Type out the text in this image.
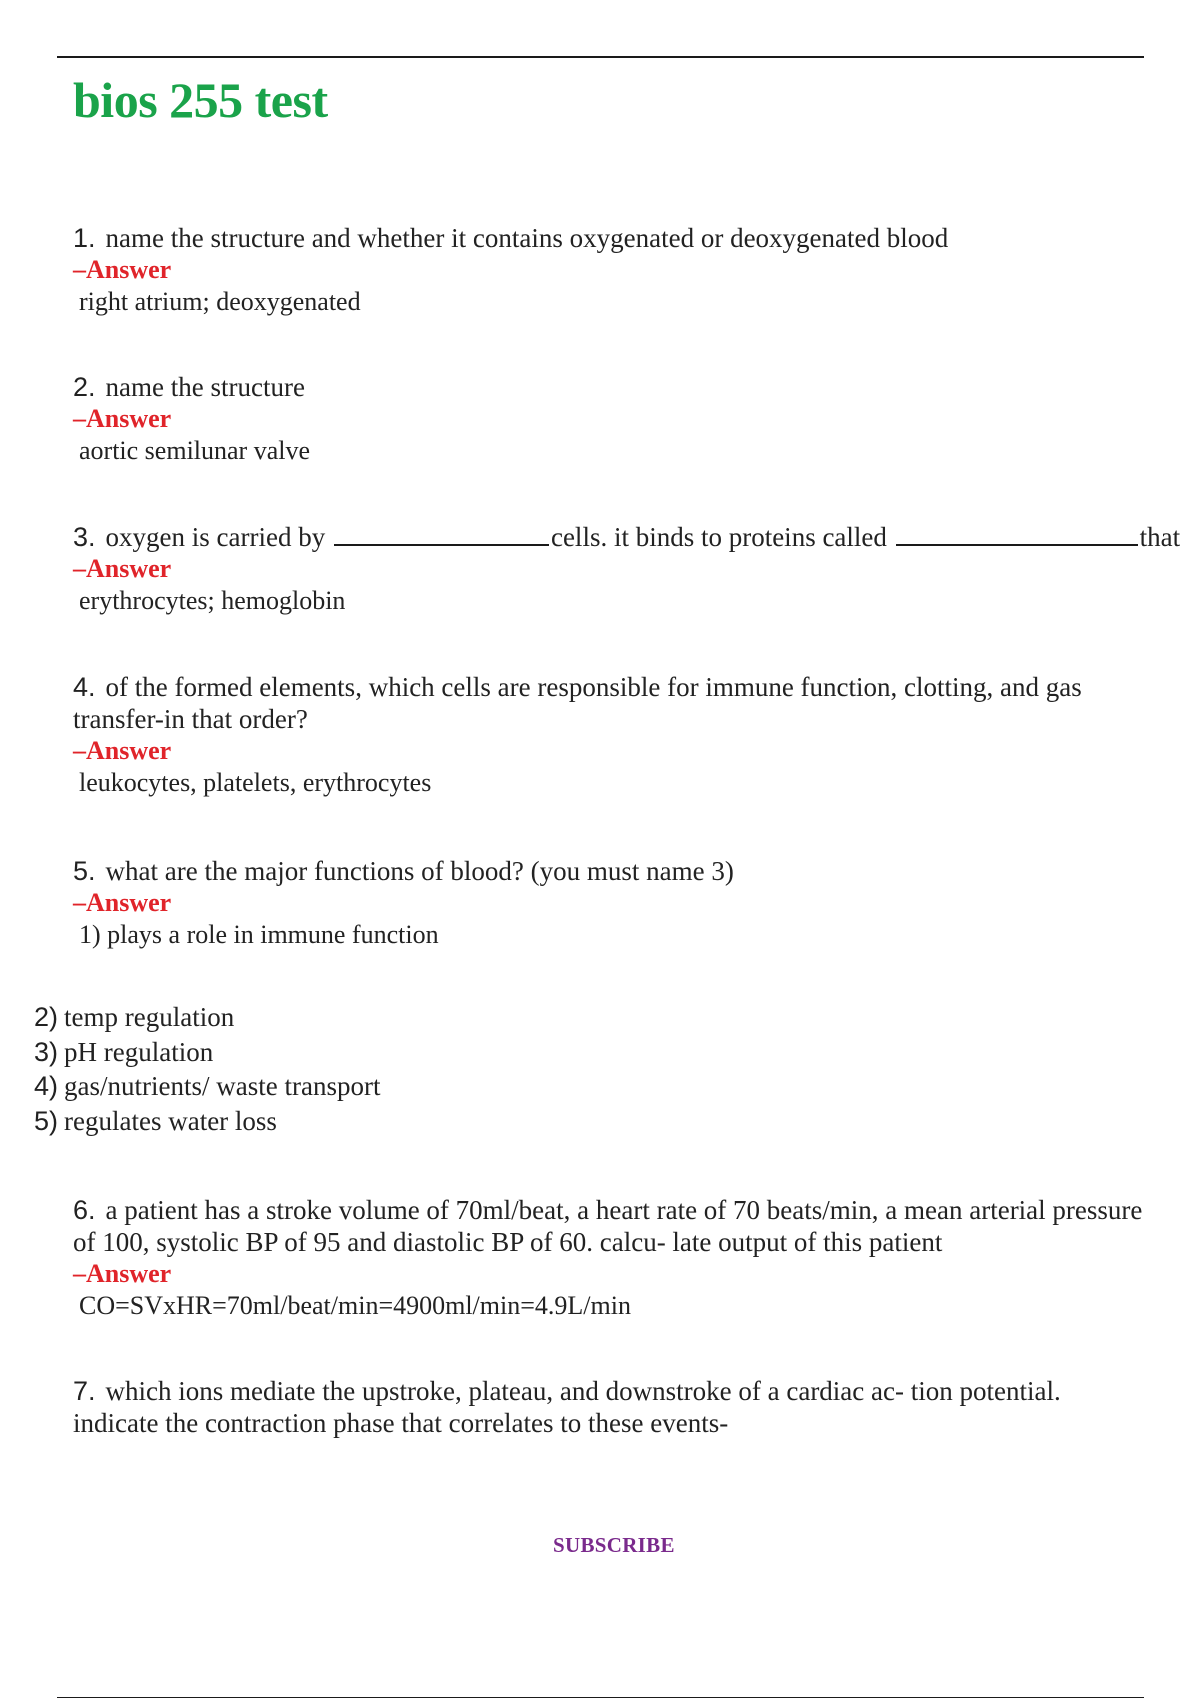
bios 255 test
1. name the structure and whether it contains oxygenated or deoxygenated blood
–Answer
right atrium; deoxygenated
2. name the structure
–Answer
aortic semilunar valve
3. oxygen is carried by	cells. it binds to proteins called	that
–Answer
erythrocytes; hemoglobin
4. of the formed elements, which cells are responsible for immune function, clotting, and gas transfer-in that order?
–Answer
leukocytes, platelets, erythrocytes
5. what are the major functions of blood? (you must name 3)
–Answer
1) plays a role in immune function
2) temp regulation
3) pH regulation
4) gas/nutrients/ waste transport
5) regulates water loss
6. a patient has a stroke volume of 70ml/beat, a heart rate of 70 beats/min, a mean arterial pressure of 100, systolic BP of 95 and diastolic BP of 60. calcu- late output of this patient
–Answer
CO=SVxHR=70ml/beat/min=4900ml/min=4.9L/min
7. which ions mediate the upstroke, plateau, and downstroke of a cardiac ac- tion potential. indicate the contraction phase that correlates to these events-
SUBSCRIBE
